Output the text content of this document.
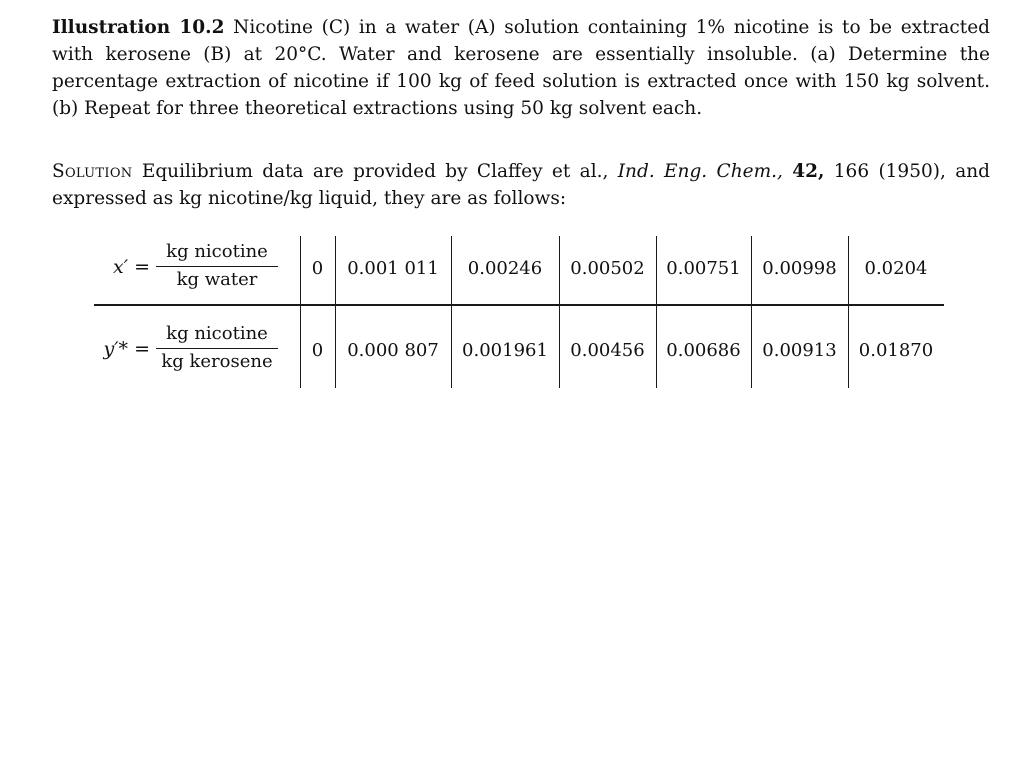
Illustration 10.2 Nicotine (C) in a water (A) solution containing 1% nicotine is to be extracted with kerosene (B) at 20°C. Water and kerosene are essentially insoluble. (a) Determine the percentage extraction of nicotine if 100 kg of feed solution is extracted once with 150 kg solvent. (b) Repeat for three theoretical extractions using 50 kg solvent each.

Solution Equilibrium data are provided by Claffey et al., Ind. Eng. Chem., 42, 166 (1950), and expressed as kg nicotine/kg liquid, they are as follows:

x′ =
kg nicotine
kg water
0	0.001 011	0.00246	0.00502	0.00751	0.00998	0.0204
y′* =
kg nicotine
kg kerosene
0	0.000 807	0.001961	0.00456	0.00686	0.00913	0.01870
